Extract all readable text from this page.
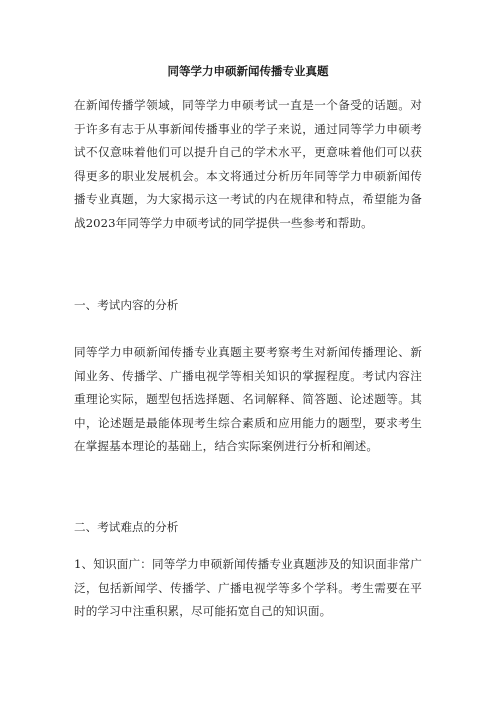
同等学力申硕新闻传播专业真题
在新闻传播学领域，同等学力申硕考试一直是一个备受的话题。对于许多有志于从事新闻传播事业的学子来说，通过同等学力申硕考试不仅意味着他们可以提升自己的学术水平，更意味着他们可以获得更多的职业发展机会。本文将通过分析历年同等学力申硕新闻传播专业真题，为大家揭示这一考试的内在规律和特点，希望能为备战2023年同等学力申硕考试的同学提供一些参考和帮助。
一、考试内容的分析
同等学力申硕新闻传播专业真题主要考察考生对新闻传播理论、新闻业务、传播学、广播电视学等相关知识的掌握程度。考试内容注重理论实际，题型包括选择题、名词解释、简答题、论述题等。其中，论述题是最能体现考生综合素质和应用能力的题型，要求考生在掌握基本理论的基础上，结合实际案例进行分析和阐述。
二、考试难点的分析
1、知识面广：同等学力申硕新闻传播专业真题涉及的知识面非常广泛，包括新闻学、传播学、广播电视学等多个学科。考生需要在平时的学习中注重积累，尽可能拓宽自己的知识面。
